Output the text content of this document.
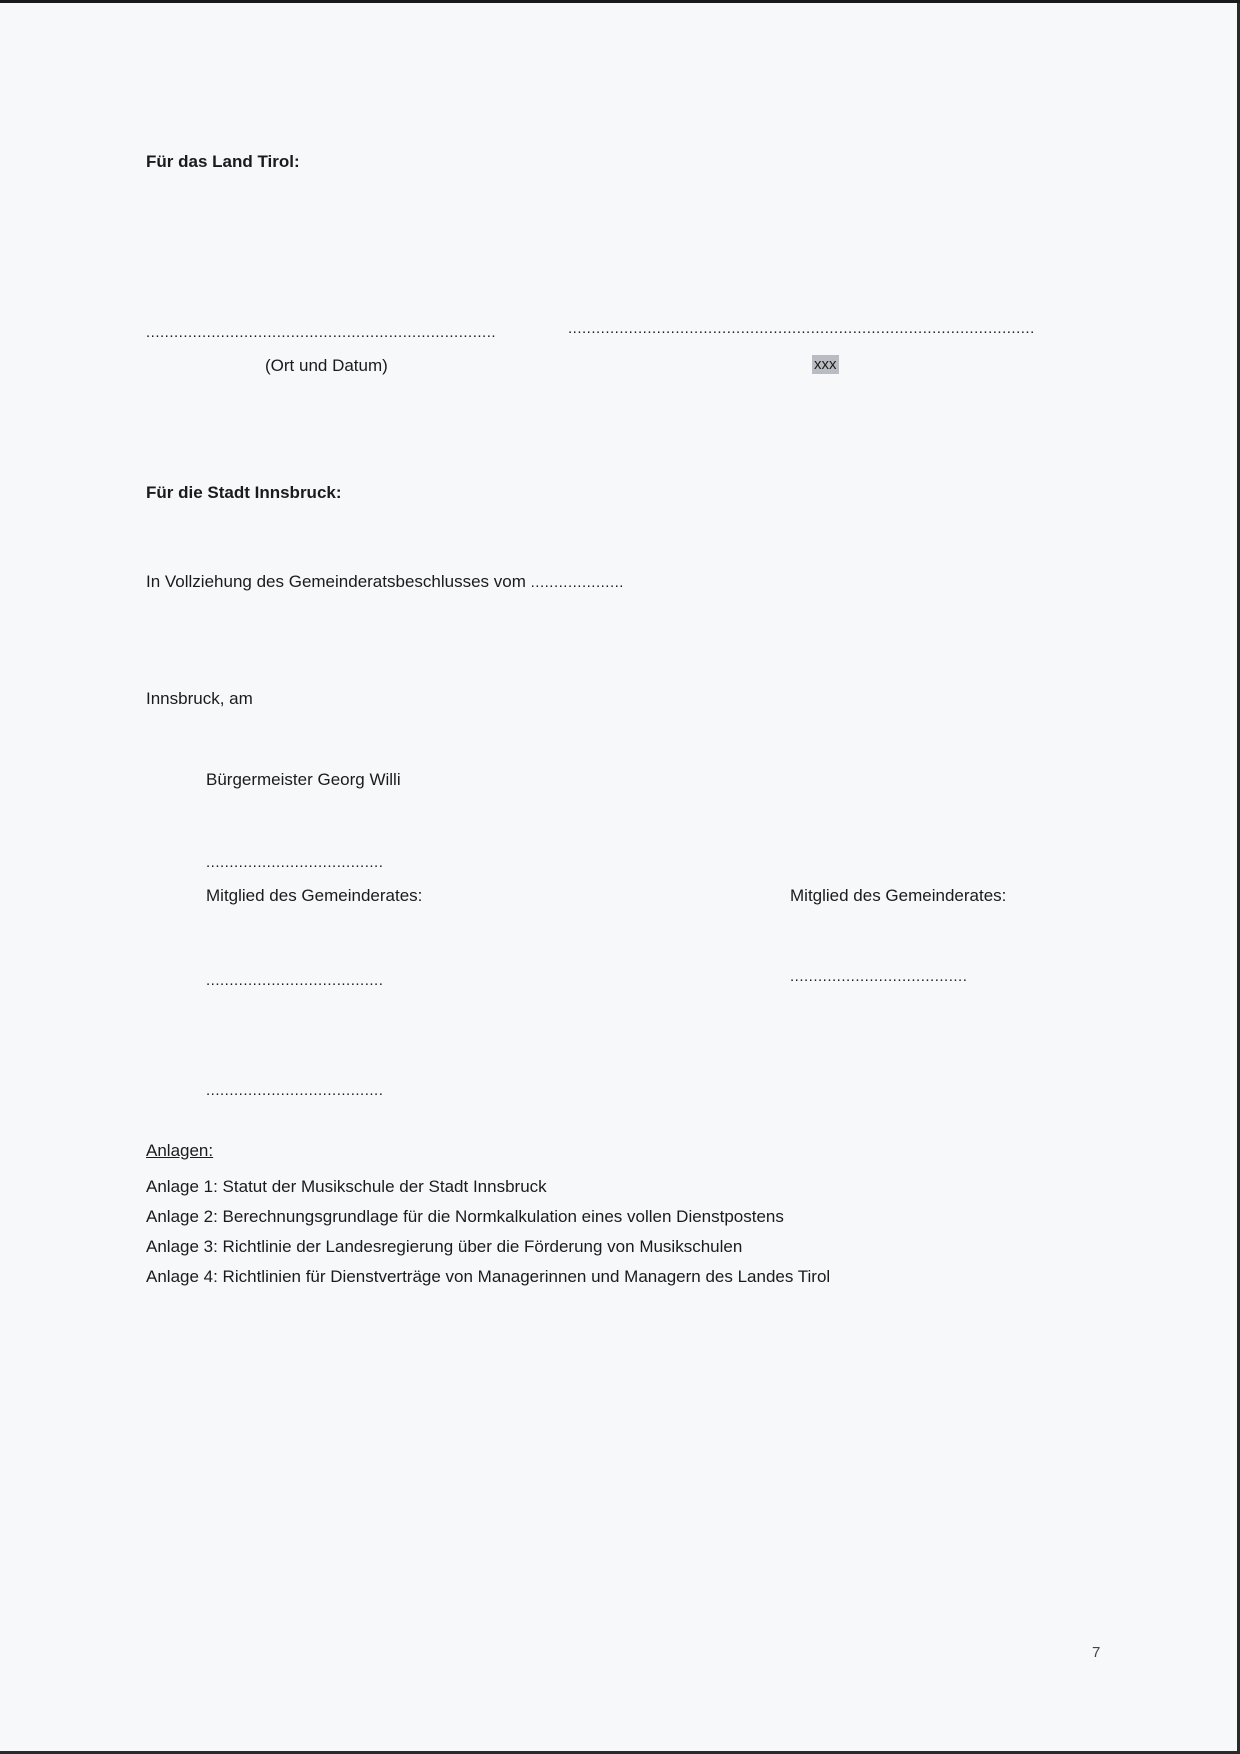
Für das Land Tirol:
...........................................................................	....................................................................................................
(Ort und Datum)	xxx
Für die Stadt Innsbruck:
In Vollziehung des Gemeinderatsbeschlusses vom ....................
Innsbruck, am
Bürgermeister Georg Willi
......................................
Mitglied des Gemeinderates:	Mitglied des Gemeinderates:
......................................	......................................
......................................
Anlagen:
Anlage 1: Statut der Musikschule der Stadt Innsbruck
Anlage 2: Berechnungsgrundlage für die Normkalkulation eines vollen Dienstpostens
Anlage 3: Richtlinie der Landesregierung über die Förderung von Musikschulen
Anlage 4: Richtlinien für Dienstverträge von Managerinnen und Managern des Landes Tirol
7
